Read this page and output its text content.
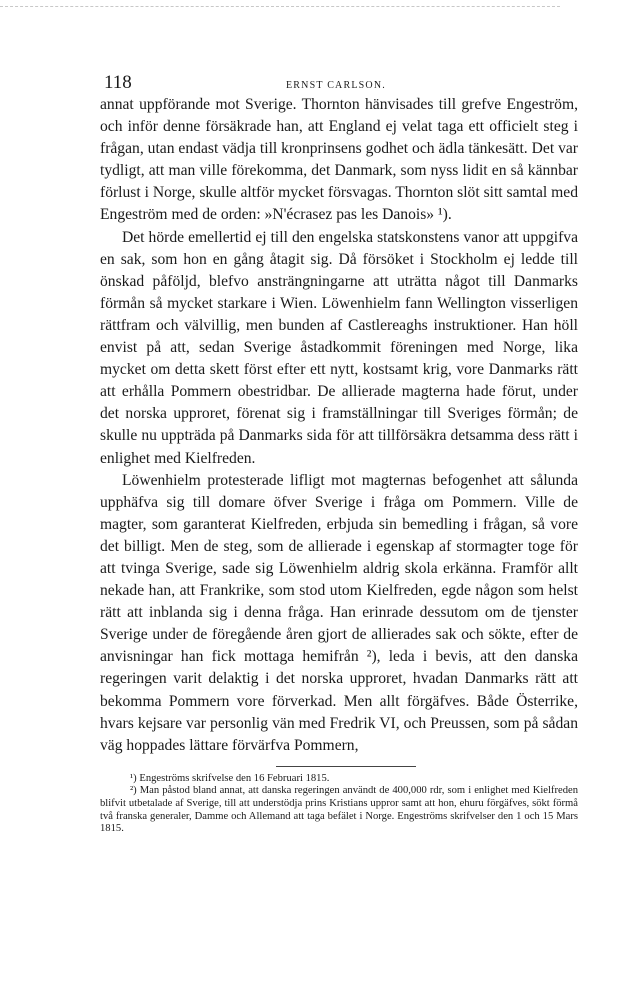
118	ERNST CARLSON.

annat uppförande mot Sverige. Thornton hänvisades till grefve Engeström, och inför denne försäkrade han, att England ej velat taga ett officielt steg i frågan, utan endast vädja till kronprinsens godhet och ädla tänkesätt. Det var tydligt, att man ville förekomma, det Danmark, som nyss lidit en så kännbar förlust i Norge, skulle altför mycket försvagas. Thornton slöt sitt samtal med Engeström med de orden: »N'écrasez pas les Danois» ¹).

Det hörde emellertid ej till den engelska statskonstens vanor att uppgifva en sak, som hon en gång åtagit sig. Då försöket i Stockholm ej ledde till önskad påföljd, blefvo ansträngningarne att uträtta något till Danmarks förmån så mycket starkare i Wien. Löwenhielm fann Wellington visserligen rättfram och välvillig, men bunden af Castlereaghs instruktioner. Han höll envist på att, sedan Sverige åstadkommit föreningen med Norge, lika mycket om detta skett först efter ett nytt, kostsamt krig, vore Danmarks rätt att erhålla Pommern obestridbar. De allierade magterna hade förut, under det norska upproret, förenat sig i framställningar till Sveriges förmån; de skulle nu uppträda på Danmarks sida för att tillförsäkra detsamma dess rätt i enlighet med Kielfreden.

Löwenhielm protesterade lifligt mot magternas befogenhet att sålunda upphäfva sig till domare öfver Sverige i fråga om Pommern. Ville de magter, som garanterat Kielfreden, erbjuda sin bemedling i frågan, så vore det billigt. Men de steg, som de allierade i egenskap af stormagter toge för att tvinga Sverige, sade sig Löwenhielm aldrig skola erkänna. Framför allt nekade han, att Frankrike, som stod utom Kielfreden, egde någon som helst rätt att inblanda sig i denna fråga. Han erinrade dessutom om de tjenster Sverige under de föregående åren gjort de allierades sak och sökte, efter de anvisningar han fick mottaga hemifrån ²), leda i bevis, att den danska regeringen varit delaktig i det norska upproret, hvadan Danmarks rätt att bekomma Pommern vore förverkad. Men allt förgäfves. Både Österrike, hvars kejsare var personlig vän med Fredrik VI, och Preussen, som på sådan väg hoppades lättare förvärfva Pommern,

¹) Engeströms skrifvelse den 16 Februari 1815.

²) Man påstod bland annat, att danska regeringen användt de 400,000 rdr, som i enlighet med Kielfreden blifvit utbetalade af Sverige, till att understödja prins Kristians uppror samt att hon, ehuru förgäfves, sökt förmå två franska generaler, Damme och Allemand att taga befälet i Norge. Engeströms skrifvelser den 1 och 15 Mars 1815.
